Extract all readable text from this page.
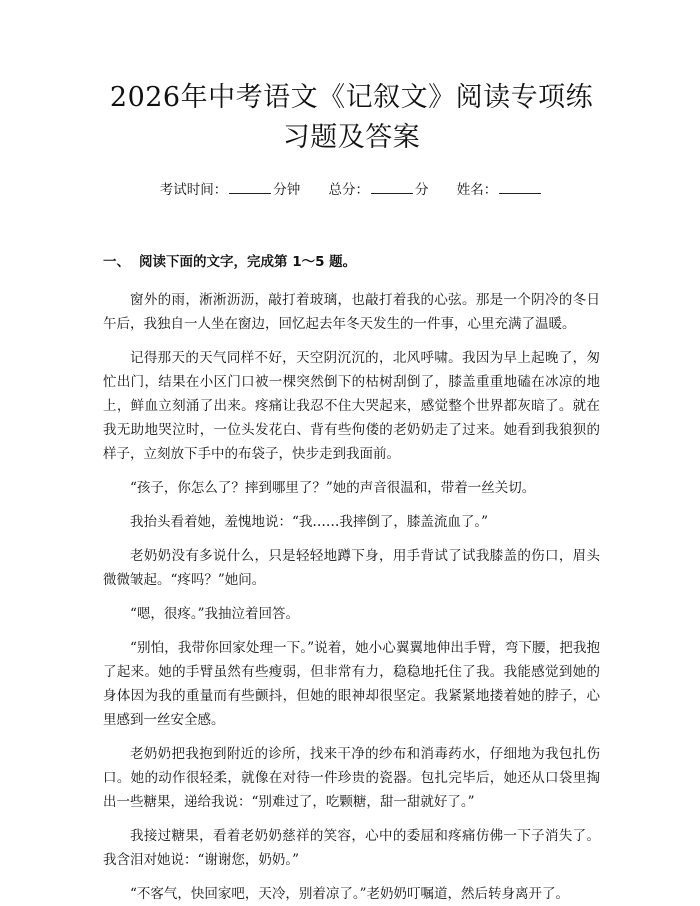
2026年中考语文《记叙文》阅读专项练习题及答案
考试时间：	分钟 总分：	分 姓名：
一、 阅读下面的文字，完成第 1～5 题。

窗外的雨，淅淅沥沥，敲打着玻璃，也敲打着我的心弦。那是一个阴冷的冬日午后，我独自一人坐在窗边，回忆起去年冬天发生的一件事，心里充满了温暖。

记得那天的天气同样不好，天空阴沉沉的，北风呼啸。我因为早上起晚了，匆忙出门，结果在小区门口被一棵突然倒下的枯树刮倒了，膝盖重重地磕在冰凉的地上，鲜血立刻涌了出来。疼痛让我忍不住大哭起来，感觉整个世界都灰暗了。就在我无助地哭泣时，一位头发花白、背有些佝偻的老奶奶走了过来。她看到我狼狈的样子，立刻放下手中的布袋子，快步走到我面前。

“孩子，你怎么了？摔到哪里了？”她的声音很温和，带着一丝关切。

我抬头看着她，羞愧地说：“我……我摔倒了，膝盖流血了。”

老奶奶没有多说什么，只是轻轻地蹲下身，用手背试了试我膝盖的伤口，眉头微微皱起。“疼吗？”她问。

“嗯，很疼。”我抽泣着回答。

“别怕，我带你回家处理一下。”说着，她小心翼翼地伸出手臂，弯下腰，把我抱了起来。她的手臂虽然有些瘦弱，但非常有力，稳稳地托住了我。我能感觉到她的身体因为我的重量而有些颤抖，但她的眼神却很坚定。我紧紧地搂着她的脖子，心里感到一丝安全感。

老奶奶把我抱到附近的诊所，找来干净的纱布和消毒药水，仔细地为我包扎伤口。她的动作很轻柔，就像在对待一件珍贵的瓷器。包扎完毕后，她还从口袋里掏出一些糖果，递给我说：“别难过了，吃颗糖，甜一甜就好了。”

我接过糖果，看着老奶奶慈祥的笑容，心中的委屈和疼痛仿佛一下子消失了。我含泪对她说：“谢谢您，奶奶。”

“不客气，快回家吧，天冷，别着凉了。”老奶奶叮嘱道，然后转身离开了。
